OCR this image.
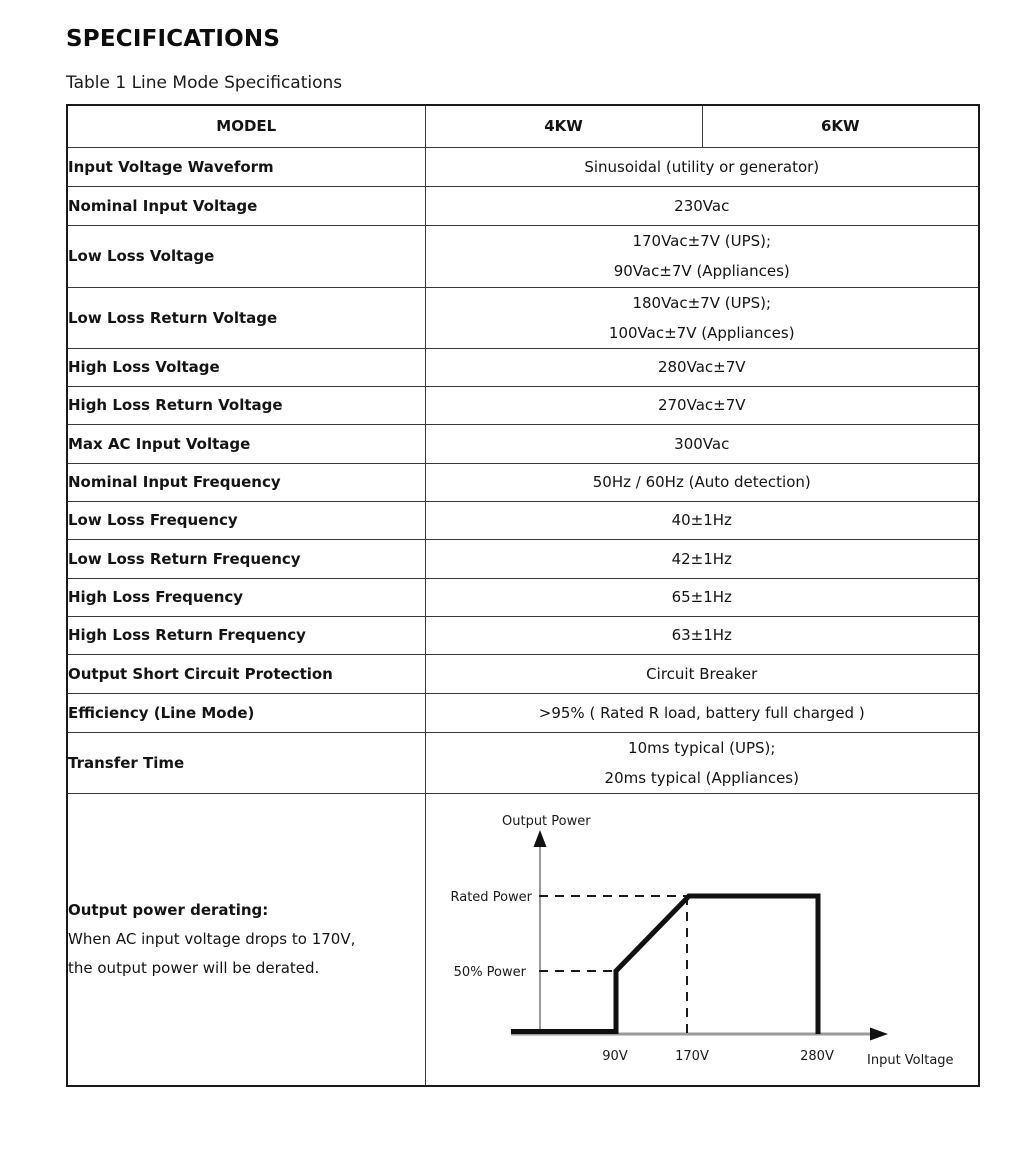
SPECIFICATIONS
Table 1 Line Mode Specifications
MODEL	4KW	6KW
Input Voltage Waveform	Sinusoidal (utility or generator)	

Nominal Input Voltage	230Vac	

Low Loss Voltage	170Vac±7V (UPS);
90Vac±7V (Appliances)	

Low Loss Return Voltage	180Vac±7V (UPS);
100Vac±7V (Appliances)	

High Loss Voltage	280Vac±7V	

High Loss Return Voltage	270Vac±7V	

Max AC Input Voltage	300Vac	

Nominal Input Frequency	50Hz / 60Hz (Auto detection)	

Low Loss Frequency	40±1Hz	

Low Loss Return Frequency	42±1Hz	

High Loss Frequency	65±1Hz	

High Loss Return Frequency	63±1Hz	

Output Short Circuit Protection	Circuit Breaker	

Efficiency (Line Mode)	>95% ( Rated R load, battery full charged )	

Transfer Time	10ms typical (UPS);
20ms typical (Appliances)	

Output power derating:
When AC input voltage drops to 170V,
the output power will be derated.

Output Power
Rated Power
50% Power
90V	170V	280V	Input Voltage
